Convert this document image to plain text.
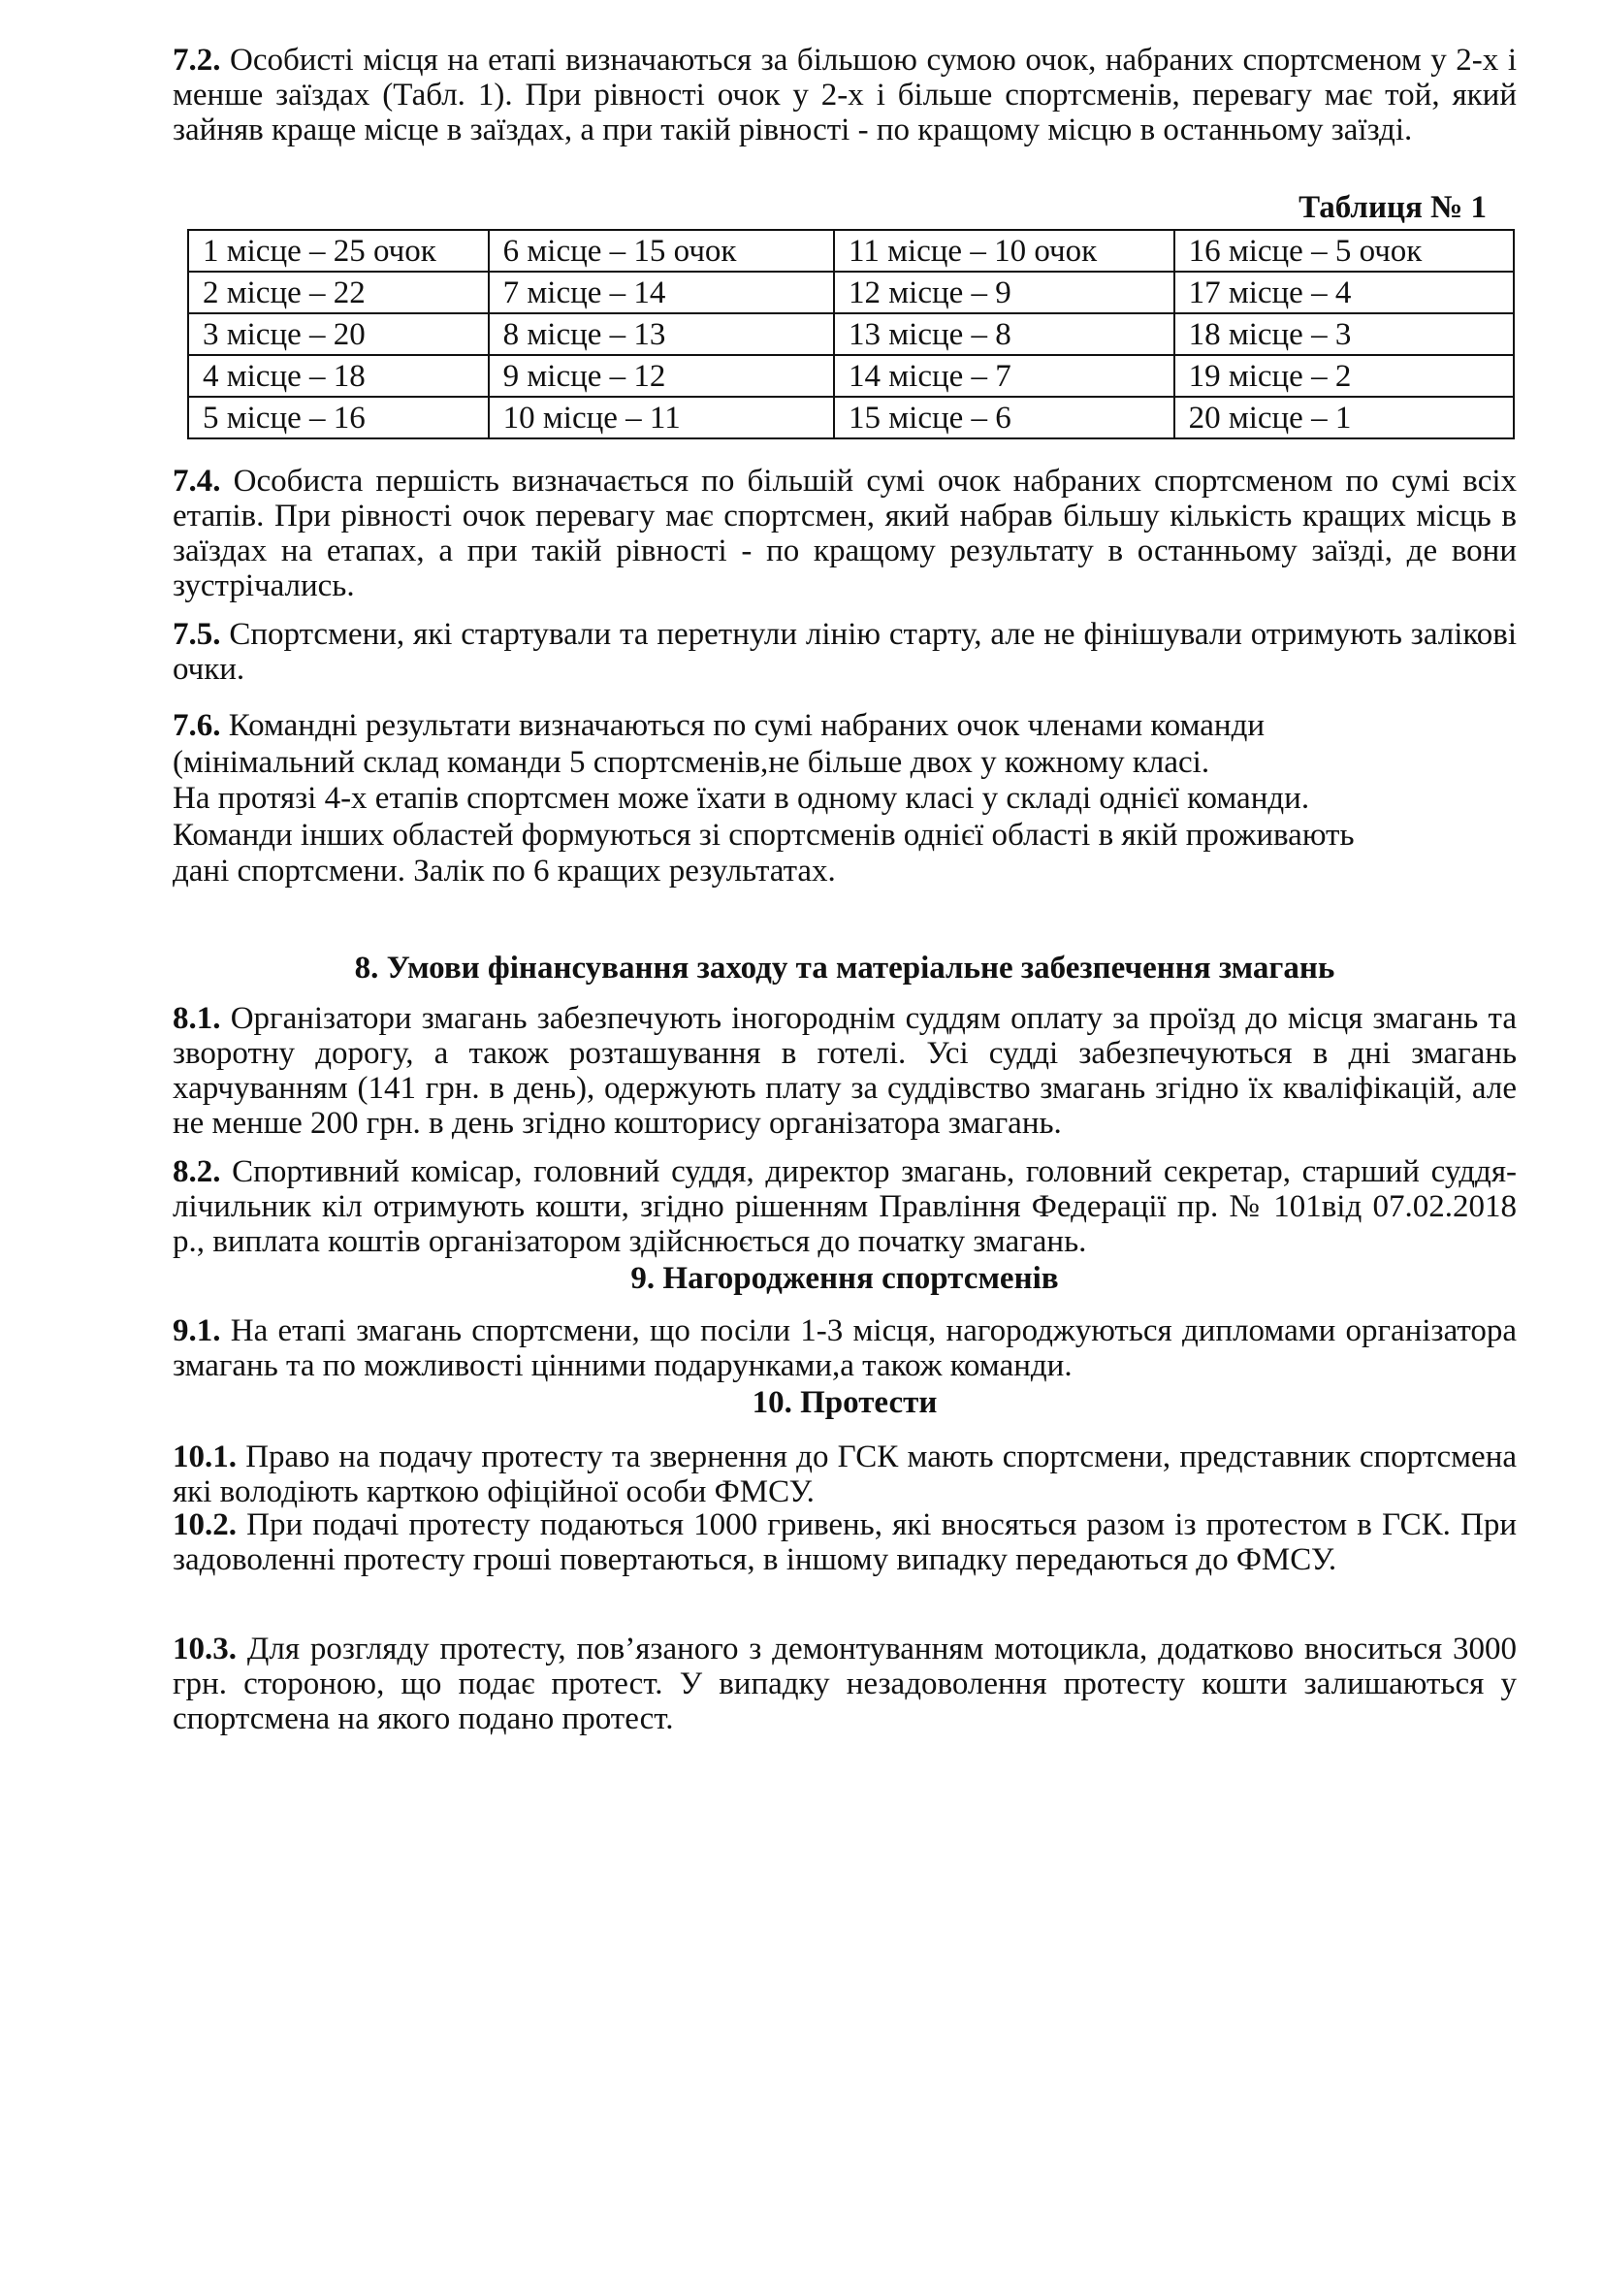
7.2. Особисті місця на етапі визначаються за більшою сумою очок, набраних спортсменом у 2-х і менше заїздах (Табл. 1). При рівності очок у 2-х і більше спортсменів, перевагу має той, який зайняв краще місце в заїздах, а при такій рівності - по кращому місцю в останньому заїзді.

Таблиця № 1
1 місце – 25 очок	6 місце – 15 очок	11 місце – 10 очок	16 місце – 5 очок
2 місце – 22	7 місце – 14	12 місце – 9	17 місце – 4
3 місце – 20	8 місце – 13	13 місце – 8	18 місце – 3
4 місце – 18	9 місце – 12	14 місце – 7	19 місце – 2
5 місце – 16	10 місце – 11	15 місце – 6	20 місце – 1

7.4. Особиста першість визначається по більшій сумі очок набраних спортсменом по сумі всіх етапів. При рівності очок перевагу має спортсмен, який набрав більшу кількість кращих місць в заїздах на етапах, а при такій рівності - по кращому результату в останньому заїзді, де вони зустрічались.

7.5. Спортсмени, які стартували та перетнули лінію старту, але не фінішували отримують залікові очки.

7.6. Командні результати визначаються по сумі набраних очок членами команди
(мінімальний склад команди 5 спортсменів,не більше двох у кожному класі.
На протязі 4-х етапів спортсмен може їхати в одному класі у складі однієї команди.
Команди інших областей формуються зі спортсменів однієї області в якій проживають
дані спортсмени. Залік по 6 кращих результатах.

8. Умови фінансування заходу та матеріальне забезпечення змагань

8.1. Організатори змагань забезпечують іногороднім суддям оплату за проїзд до місця змагань та зворотну дорогу, а також розташування в готелі. Усі судді забезпечуються в дні змагань харчуванням (141 грн. в день), одержують плату за суддівство змагань згідно їх кваліфікацій, але не менше 200 грн. в день згідно кошторису організатора змагань.

8.2. Спортивний комісар, головний суддя, директор змагань, головний секретар, старший суддя-лічильник кіл отримують кошти, згідно рішенням Правління Федерації пр. № 101від 07.02.2018 р., виплата коштів організатором здійснюється до початку змагань.

9. Нагородження спортсменів

9.1. На етапі змагань спортсмени, що посіли 1-3 місця, нагороджуються дипломами організатора змагань та по можливості цінними подарунками,а також команди.

10. Протести

10.1. Право на подачу протесту та звернення до ГСК мають спортсмени, представник спортсмена які володіють карткою офіційної особи ФМСУ.

10.2. При подачі протесту подаються 1000 гривень, які вносяться разом із протестом в ГСК. При задоволенні протесту гроші повертаються, в іншому випадку передаються до ФМСУ.

10.3. Для розгляду протесту, пов’язаного з демонтуванням мотоцикла, додатково вноситься 3000 грн. стороною, що подає протест. У випадку незадоволення протесту кошти залишаються у спортсмена на якого подано протест.
